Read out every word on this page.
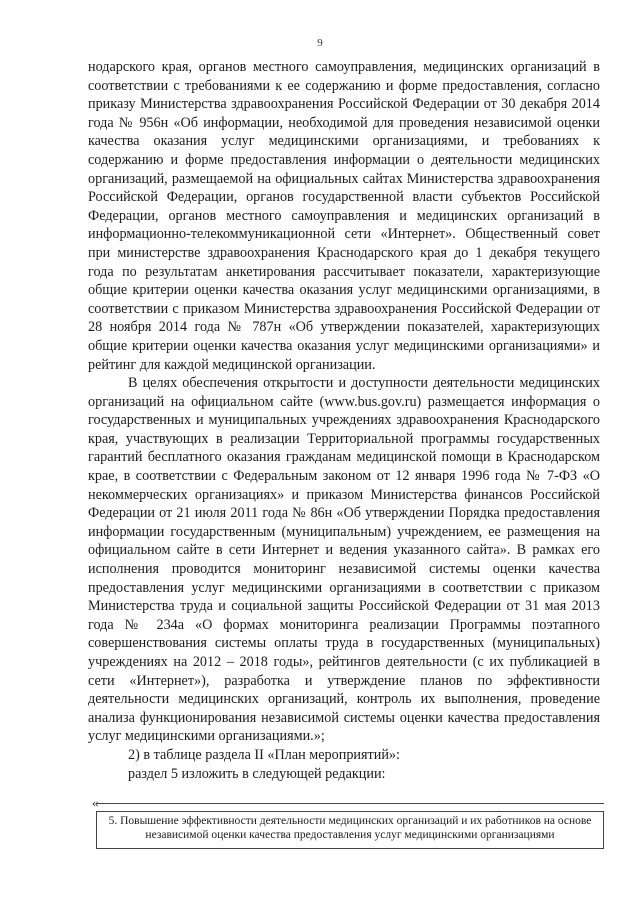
9

нодарского края, органов местного самоуправления, медицинских организаций в соответствии с требованиями к ее содержанию и форме предоставления, согласно приказу Министерства здравоохранения Российской Федерации от 30 декабря 2014 года № 956н «Об информации, необходимой для проведения независимой оценки качества оказания услуг медицинскими организациями, и требованиях к содержанию и форме предоставления информации о деятельности медицинских организаций, размещаемой на официальных сайтах Министерства здравоохранения Российской Федерации, органов государственной власти субъектов Российской Федерации, органов местного самоуправления и медицинских организаций в информационно-телекоммуникационной сети «Интернет». Общественный совет при министерстве здравоохранения Краснодарского края до 1 декабря текущего года по результатам анкетирования рассчитывает показатели, характеризующие общие критерии оценки качества оказания услуг медицинскими организациями, в соответствии с приказом Министерства здравоохранения Российской Федерации от 28 ноября 2014 года № 787н «Об утверждении показателей, характеризующих общие критерии оценки качества оказания услуг медицинскими организациями» и рейтинг для каждой медицинской организации.

В целях обеспечения открытости и доступности деятельности медицинских организаций на официальном сайте (www.bus.gov.ru) размещается информация о государственных и муниципальных учреждениях здравоохранения Краснодарского края, участвующих в реализации Территориальной программы государственных гарантий бесплатного оказания гражданам медицинской помощи в Краснодарском крае, в соответствии с Федеральным законом от 12 января 1996 года № 7-ФЗ «О некоммерческих организациях» и приказом Министерства финансов Российской Федерации от 21 июля 2011 года № 86н «Об утверждении Порядка предоставления информации государственным (муниципальным) учреждением, ее размещения на официальном сайте в сети Интернет и ведения указанного сайта». В рамках его исполнения проводится мониторинг независимой системы оценки качества предоставления услуг медицинскими организациями в соответствии с приказом Министерства труда и социальной защиты Российской Федерации от 31 мая 2013 года № 234а «О формах мониторинга реализации Программы поэтапного совершенствования системы оплаты труда в государственных (муниципальных) учреждениях на 2012 – 2018 годы», рейтингов деятельности (с их публикацией в сети «Интернет»), разработка и утверждение планов по эффективности деятельности медицинских организаций, контроль их выполнения, проведение анализа функционирования независимой системы оценки качества предоставления услуг медицинскими организациями.»;

2) в таблице раздела II «План мероприятий»:

раздел 5 изложить в следующей редакции:

«
5. Повышение эффективности деятельности медицинских организаций и их работников на основе независимой оценки качества предоставления услуг медицинскими организациями
